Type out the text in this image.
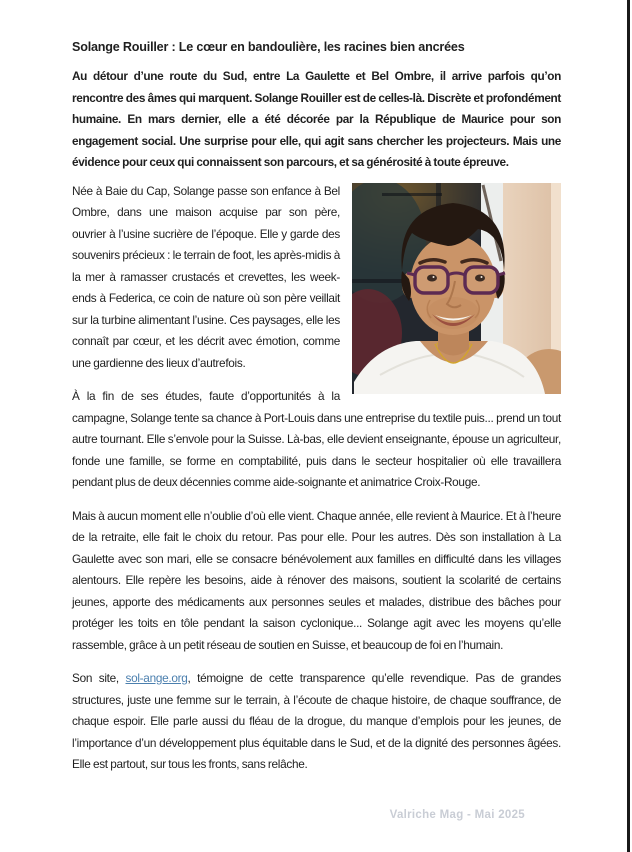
Solange Rouiller : Le cœur en bandoulière, les racines bien ancrées

Au détour d’une route du Sud, entre La Gaulette et Bel Ombre, il arrive parfois qu’on rencontre des âmes qui marquent. Solange Rouiller est de celles-là. Discrète et profondément humaine. En mars dernier, elle a été décorée par la République de Maurice pour son engagement social. Une surprise pour elle, qui agit sans chercher les projecteurs. Mais une évidence pour ceux qui connaissent son parcours, et sa générosité à toute épreuve.

Née à Baie du Cap, Solange passe son enfance à Bel Ombre, dans une maison acquise par son père, ouvrier à l’usine sucrière de l’époque. Elle y garde des souvenirs précieux : le terrain de foot, les après-midis à la mer à ramasser crustacés et crevettes, les week-ends à Federica, ce coin de nature où son père veillait sur la turbine alimentant l’usine. Ces paysages, elle les connaît par cœur, et les décrit avec émotion, comme une gardienne des lieux d’autrefois.

À la fin de ses études, faute d’opportunités à la campagne, Solange tente sa chance à Port-Louis dans une entreprise du textile puis... prend un tout autre tournant. Elle s’envole pour la Suisse. Là-bas, elle devient enseignante, épouse un agriculteur, fonde une famille, se forme en comptabilité, puis dans le secteur hospitalier où elle travaillera pendant plus de deux décennies comme aide-soignante et animatrice Croix-Rouge.

Mais à aucun moment elle n’oublie d’où elle vient. Chaque année, elle revient à Maurice. Et à l’heure de la retraite, elle fait le choix du retour. Pas pour elle. Pour les autres. Dès son installation à La Gaulette avec son mari, elle se consacre bénévolement aux familles en difficulté dans les villages alentours. Elle repère les besoins, aide à rénover des maisons, soutient la scolarité de certains jeunes, apporte des médicaments aux personnes seules et malades, distribue des bâches pour protéger les toits en tôle pendant la saison cyclonique... Solange agit avec les moyens qu’elle rassemble, grâce à un petit réseau de soutien en Suisse, et beaucoup de foi en l’humain.

Son site, sol-ange.org, témoigne de cette transparence qu’elle revendique. Pas de grandes structures, juste une femme sur le terrain, à l’écoute de chaque histoire, de chaque souffrance, de chaque espoir. Elle parle aussi du fléau de la drogue, du manque d’emplois pour les jeunes, de l’importance d’un développement plus équitable dans le Sud, et de la dignité des personnes âgées. Elle est partout, sur tous les fronts, sans relâche.

Valriche Mag - Mai 2025
